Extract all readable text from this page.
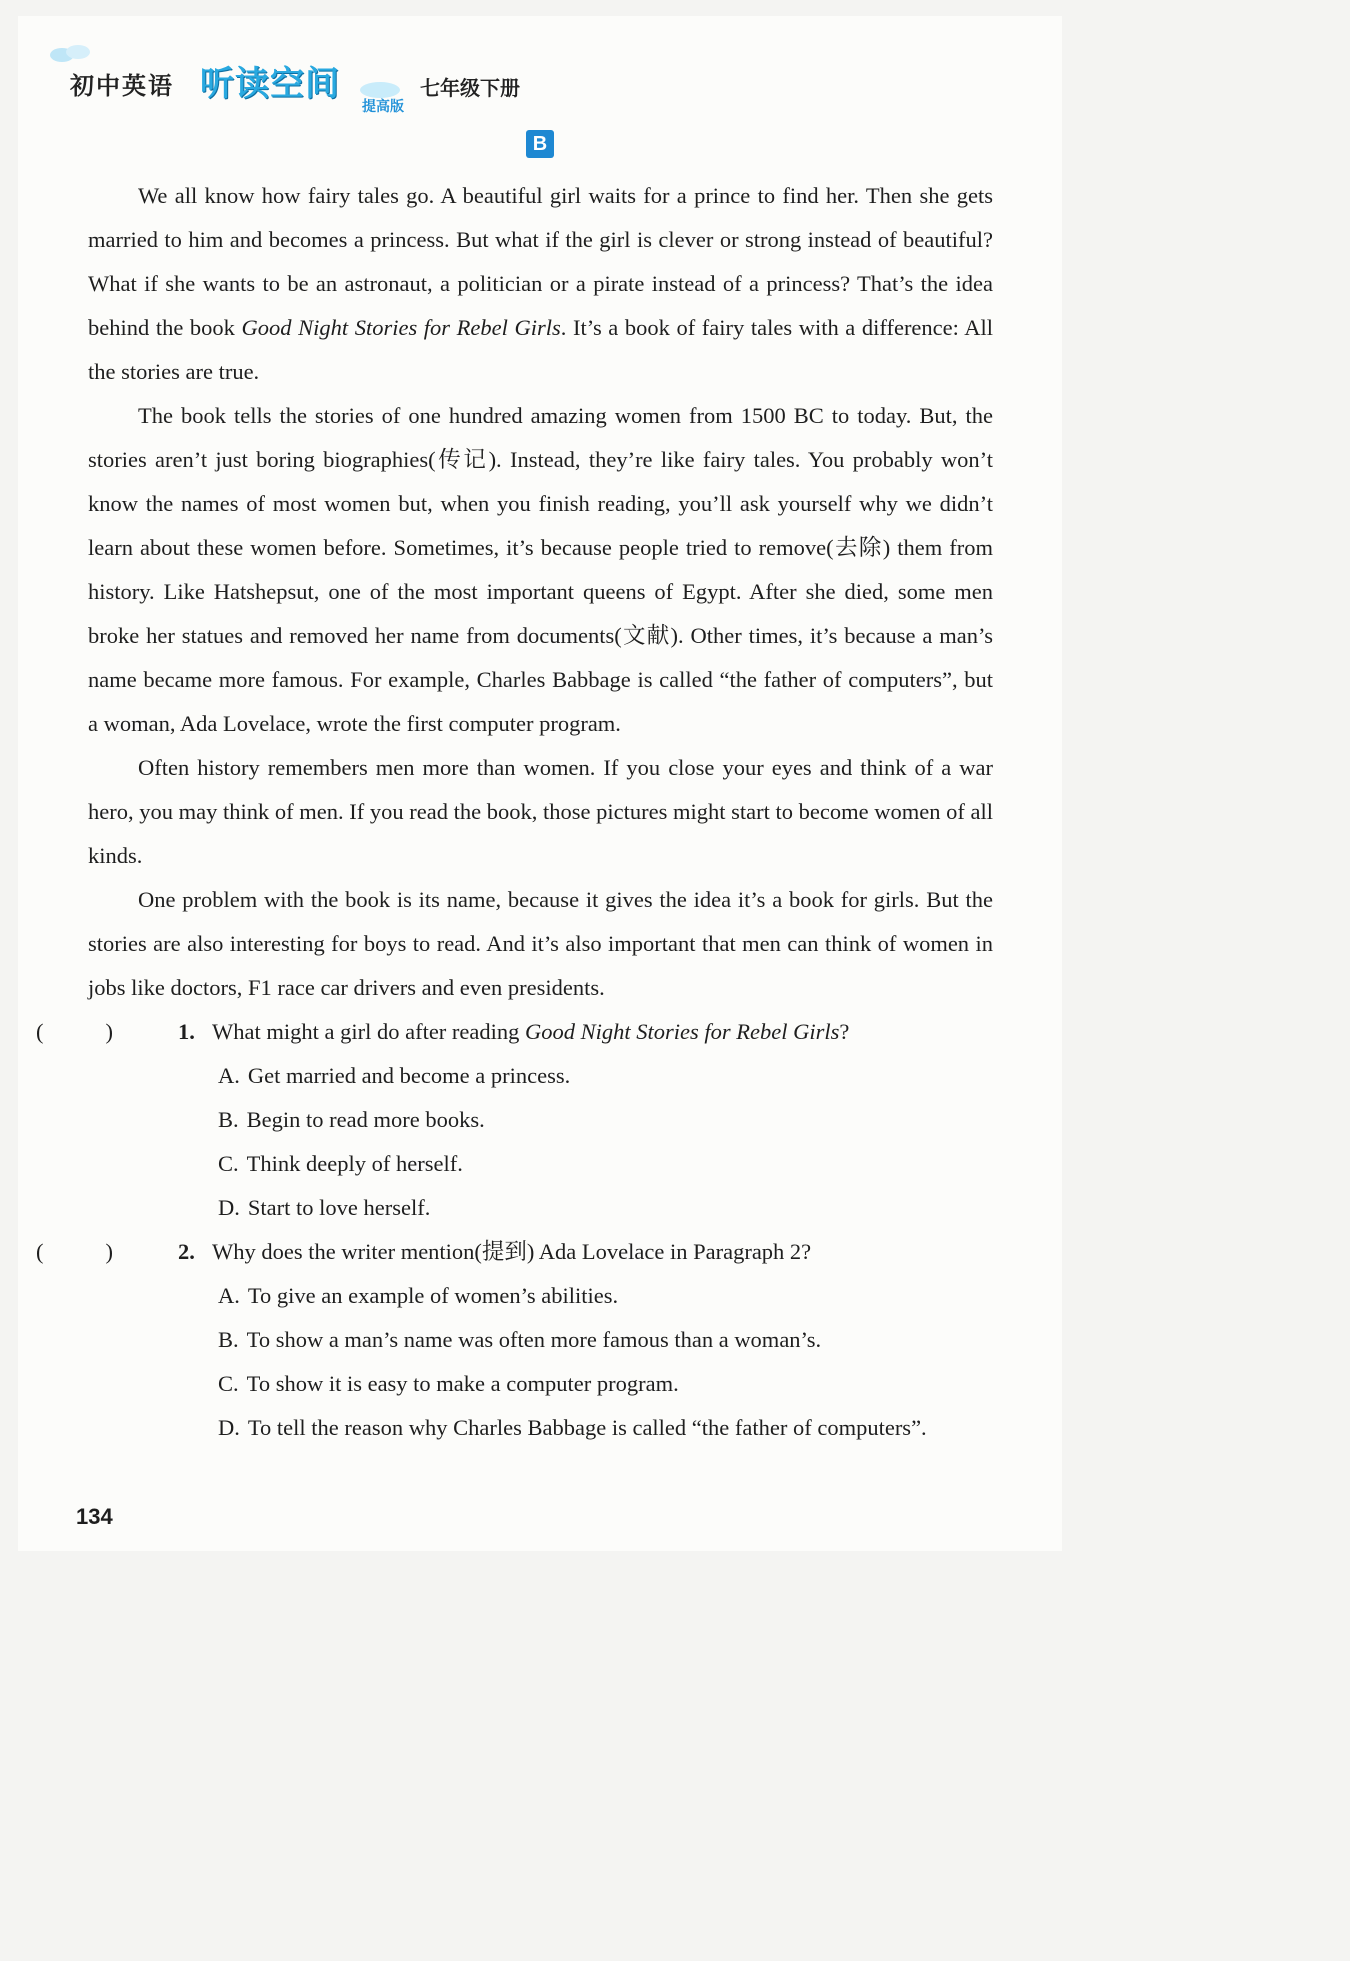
初中英语 听读空间
提高版
七年级下册
B

We all know how fairy tales go. A beautiful girl waits for a prince to find her. Then she gets married to him and becomes a princess. But what if the girl is clever or strong instead of beautiful? What if she wants to be an astronaut, a politician or a pirate instead of a princess? That’s the idea behind the book Good Night Stories for Rebel Girls. It’s a book of fairy tales with a difference: All the stories are true.

The book tells the stories of one hundred amazing women from 1500 BC to today. But, the stories aren’t just boring biographies(传记). Instead, they’re like fairy tales. You probably won’t know the names of most women but, when you finish reading, you’ll ask yourself why we didn’t learn about these women before. Sometimes, it’s because people tried to remove(去除) them from history. Like Hatshepsut, one of the most important queens of Egypt. After she died, some men broke her statues and removed her name from documents(文献). Other times, it’s because a man’s name became more famous. For example, Charles Babbage is called “the father of computers”, but a woman, Ada Lovelace, wrote the first computer program.

Often history remembers men more than women. If you close your eyes and think of a war hero, you may think of men. If you read the book, those pictures might start to become women of all kinds.

One problem with the book is its name, because it gives the idea it’s a book for girls. But the stories are also interesting for boys to read. And it’s also important that men can think of women in jobs like doctors, F1 race car drivers and even presidents.

(	)	1. What might a girl do after reading Good Night Stories for Rebel Girls?
A. Get married and become a princess.
B. Begin to read more books.
C. Think deeply of herself.
D. Start to love herself.
(	)	2. Why does the writer mention(提到) Ada Lovelace in Paragraph 2?
A. To give an example of women’s abilities.
B. To show a man’s name was often more famous than a woman’s.
C. To show it is easy to make a computer program.
D. To tell the reason why Charles Babbage is called “the father of computers”.
134
